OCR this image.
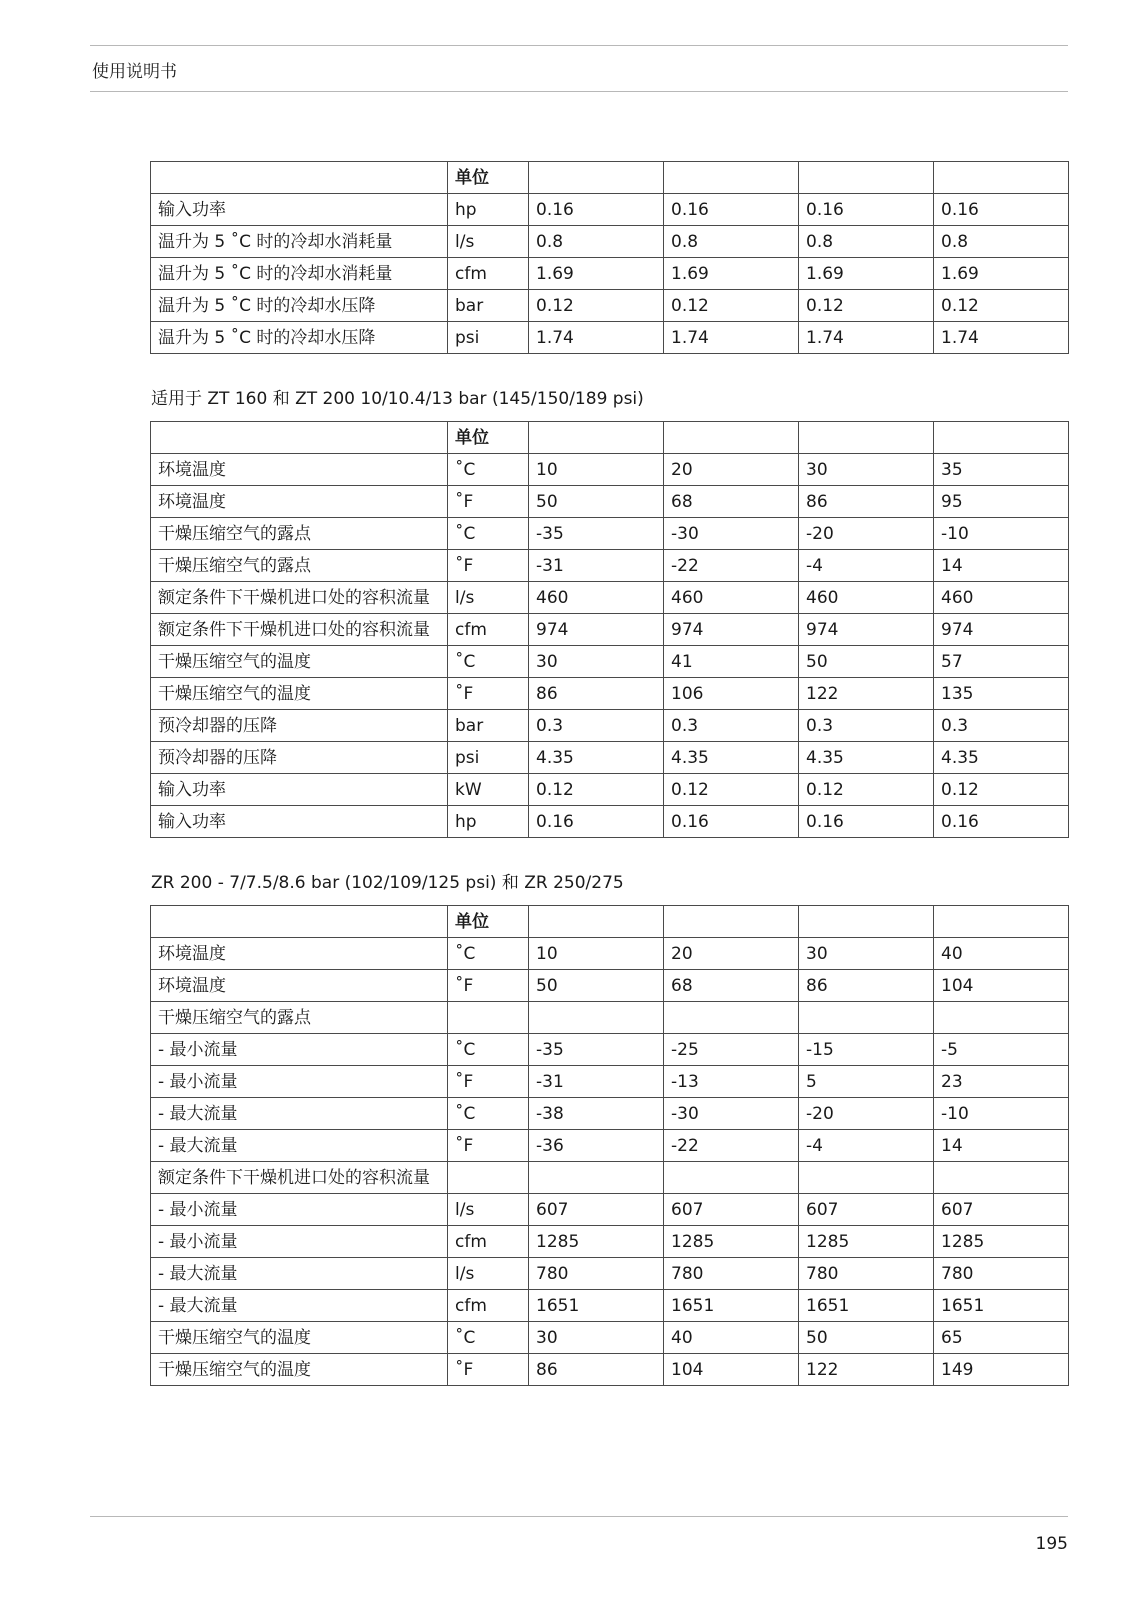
使用说明书
	单位				
输入功率	hp	0.16	0.16	0.16	0.16
温升为 5 ˚C 时的冷却水消耗量	l/s	0.8	0.8	0.8	0.8
温升为 5 ˚C 时的冷却水消耗量	cfm	1.69	1.69	1.69	1.69
温升为 5 ˚C 时的冷却水压降	bar	0.12	0.12	0.12	0.12
温升为 5 ˚C 时的冷却水压降	psi	1.74	1.74	1.74	1.74
适用于 ZT 160 和 ZT 200 10/10.4/13 bar (145/150/189 psi)
	单位				
环境温度	˚C	10	20	30	35
环境温度	˚F	50	68	86	95
干燥压缩空气的露点	˚C	-35	-30	-20	-10
干燥压缩空气的露点	˚F	-31	-22	-4	14
额定条件下干燥机进口处的容积流量	l/s	460	460	460	460
额定条件下干燥机进口处的容积流量	cfm	974	974	974	974
干燥压缩空气的温度	˚C	30	41	50	57
干燥压缩空气的温度	˚F	86	106	122	135
预冷却器的压降	bar	0.3	0.3	0.3	0.3
预冷却器的压降	psi	4.35	4.35	4.35	4.35
输入功率	kW	0.12	0.12	0.12	0.12
输入功率	hp	0.16	0.16	0.16	0.16
ZR 200 - 7/7.5/8.6 bar (102/109/125 psi) 和 ZR 250/275
	单位				
环境温度	˚C	10	20	30	40
环境温度	˚F	50	68	86	104
干燥压缩空气的露点					
- 最小流量	˚C	-35	-25	-15	-5
- 最小流量	˚F	-31	-13	5	23
- 最大流量	˚C	-38	-30	-20	-10
- 最大流量	˚F	-36	-22	-4	14
额定条件下干燥机进口处的容积流量					
- 最小流量	l/s	607	607	607	607
- 最小流量	cfm	1285	1285	1285	1285
- 最大流量	l/s	780	780	780	780
- 最大流量	cfm	1651	1651	1651	1651
干燥压缩空气的温度	˚C	30	40	50	65
干燥压缩空气的温度	˚F	86	104	122	149
195
